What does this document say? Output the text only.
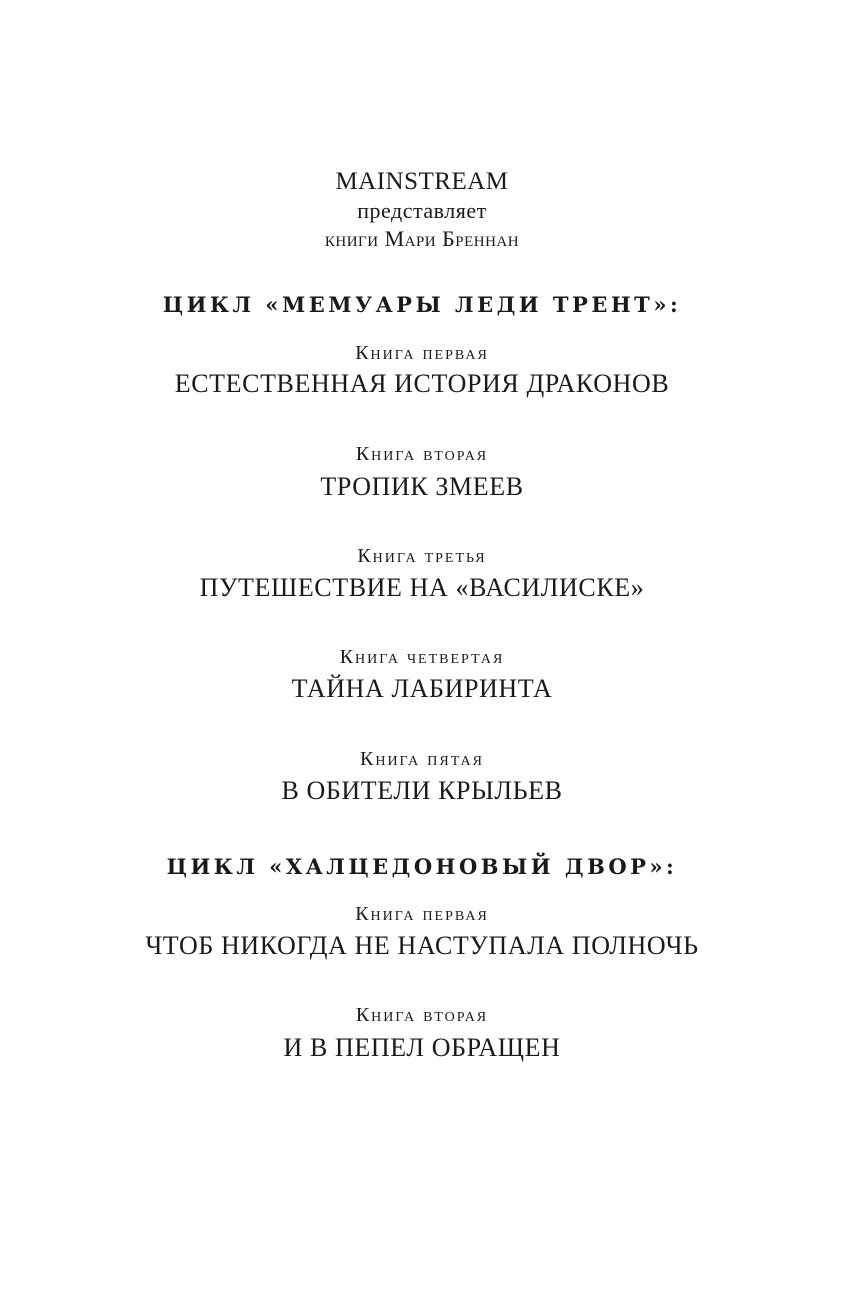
MAINSTREAM

представляет

книги Мари Бреннан

ЦИКЛ «МЕМУАРЫ ЛЕДИ ТРЕНТ»:

Книга первая

ЕСТЕСТВЕННАЯ ИСТОРИЯ ДРАКОНОВ

Книга вторая

ТРОПИК ЗМЕЕВ

Книга третья

ПУТЕШЕСТВИЕ НА «ВАСИЛИСКЕ»

Книга четвертая

ТАЙНА ЛАБИРИНТА

Книга пятая

В ОБИТЕЛИ КРЫЛЬЕВ

ЦИКЛ «ХАЛЦЕДОНОВЫЙ ДВОР»:

Книга первая

ЧТОБ НИКОГДА НЕ НАСТУПАЛА ПОЛНОЧЬ

Книга вторая

И В ПЕПЕЛ ОБРАЩЕН
